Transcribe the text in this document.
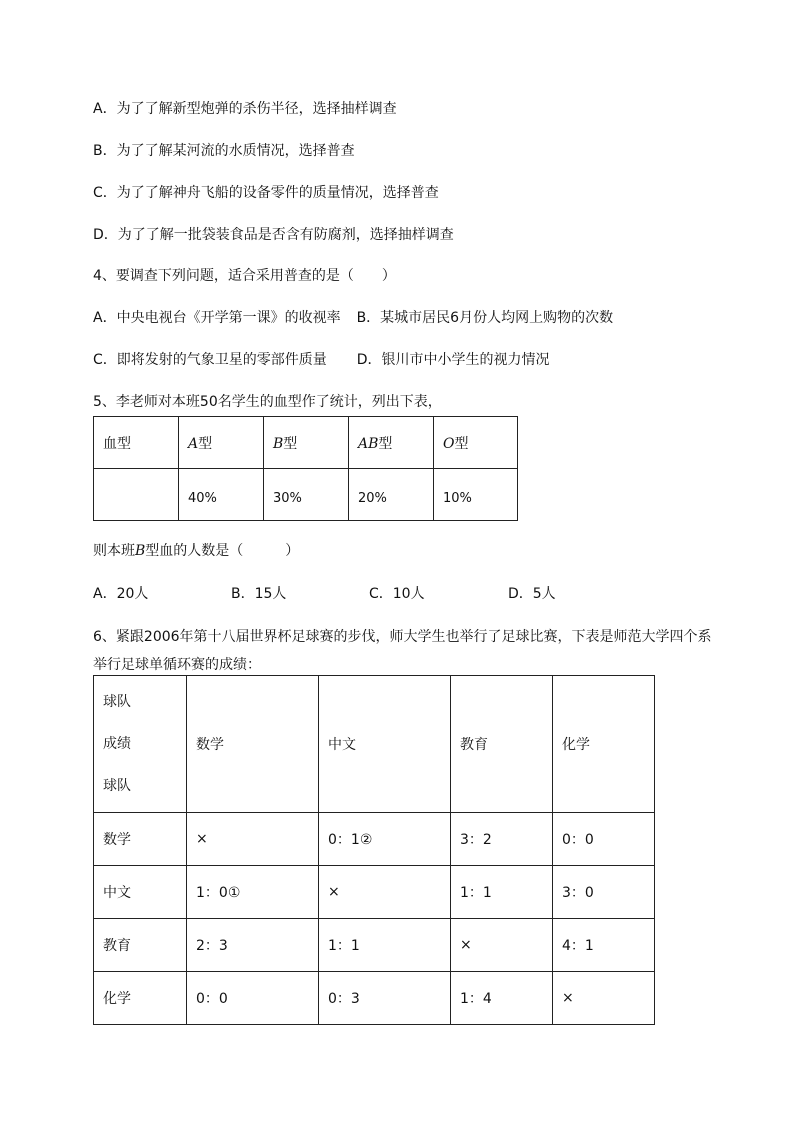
A．为了了解新型炮弹的杀伤半径，选择抽样调查
B．为了了解某河流的水质情况，选择普查
C．为了了解神舟飞船的设备零件的质量情况，选择普查
D．为了了解一批袋装食品是否含有防腐剂，选择抽样调查
4、要调查下列问题，适合采用普查的是（　　）
A．中央电视台《开学第一课》的收视率 B．某城市居民6月份人均网上购物的次数
C．即将发射的气象卫星的零部件质量 D．银川市中小学生的视力情况
5、李老师对本班50名学生的血型作了统计，列出下表，
血型	A型	B型	AB型	O型
	40%	30%	20%	10%
则本班B型血的人数是（　　　）
A．20人	B．15人	C．10人	D．5人
6、紧跟2006年第十八届世界杯足球赛的步伐，师大学生也举行了足球比赛，下表是师范大学四个系
举行足球单循环赛的成绩：
球队
成绩
球队	数学	中文	教育	化学
数学	×	0：1②	3：2	0：0
中文	1：0①	×	1：1	3：0
教育	2：3	1：1	×	4：1
化学	0：0	0：3	1：4	×
